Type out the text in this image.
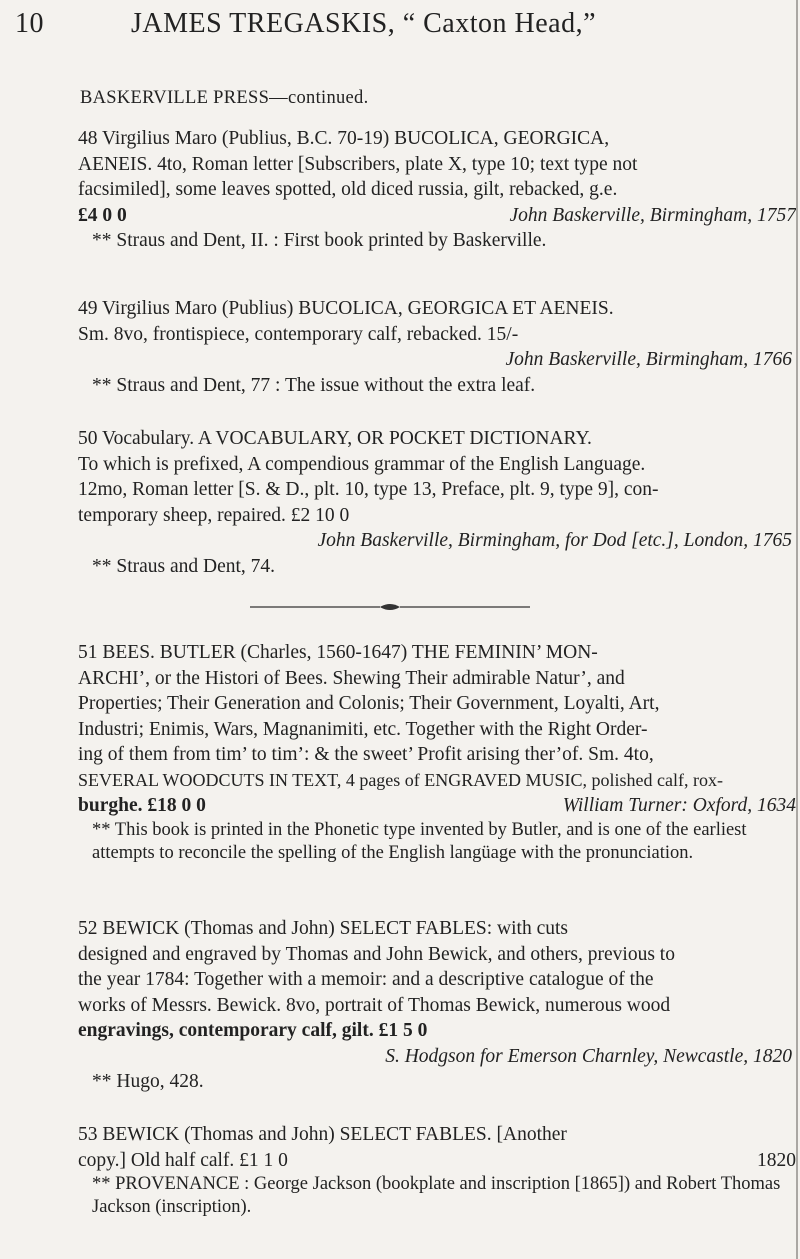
10	JAMES TREGASKIS, “ Caxton Head,”
BASKERVILLE PRESS—continued.

48 Virgilius Maro (Publius, B.C. 70-19) BUCOLICA, GEORGICA,

AENEIS. 4to, Roman letter [Subscribers, plate X, type 10; text type not

facsimiled], some leaves spotted, old diced russia, gilt, rebacked, g.e.

£4 0 0	John Baskerville, Birmingham, 1757

** Straus and Dent, II. : First book printed by Baskerville.

49 Virgilius Maro (Publius) BUCOLICA, GEORGICA ET AENEIS.

Sm. 8vo, frontispiece, contemporary calf, rebacked. 15/-

John Baskerville, Birmingham, 1766

** Straus and Dent, 77 : The issue without the extra leaf.

50 Vocabulary. A VOCABULARY, OR POCKET DICTIONARY.

To which is prefixed, A compendious grammar of the English Language.

12mo, Roman letter [S. & D., plt. 10, type 13, Preface, plt. 9, type 9], con-

temporary sheep, repaired. £2 10 0

John Baskerville, Birmingham, for Dod [etc.], London, 1765

** Straus and Dent, 74.

51 BEES. BUTLER (Charles, 1560-1647) THE FEMININ’ MON-

ARCHI’, or the Histori of Bees. Shewing Their admirable Natur’, and

Properties; Their Generation and Colonis; Their Government, Loyalti, Art,

Industri; Enimis, Wars, Magnanimiti, etc. Together with the Right Order-

ing of them from tim’ to tim’: & the sweet’ Profit arising ther’of. Sm. 4to,

SEVERAL WOODCUTS IN TEXT, 4 pages of ENGRAVED MUSIC, polished calf, rox-

burghe. £18 0 0	William Turner: Oxford, 1634

** This book is printed in the Phonetic type invented by Butler, and is one of the earliest attempts to reconcile the spelling of the English langüage with the pronunciation.

52 BEWICK (Thomas and John) SELECT FABLES: with cuts

designed and engraved by Thomas and John Bewick, and others, previous to

the year 1784: Together with a memoir: and a descriptive catalogue of the

works of Messrs. Bewick. 8vo, portrait of Thomas Bewick, numerous wood

engravings, contemporary calf, gilt. £1 5 0

S. Hodgson for Emerson Charnley, Newcastle, 1820

** Hugo, 428.

53 BEWICK (Thomas and John) SELECT FABLES. [Another

copy.] Old half calf. £1 1 0	1820

** PROVENANCE : George Jackson (bookplate and inscription [1865]) and Robert Thomas Jackson (inscription).
